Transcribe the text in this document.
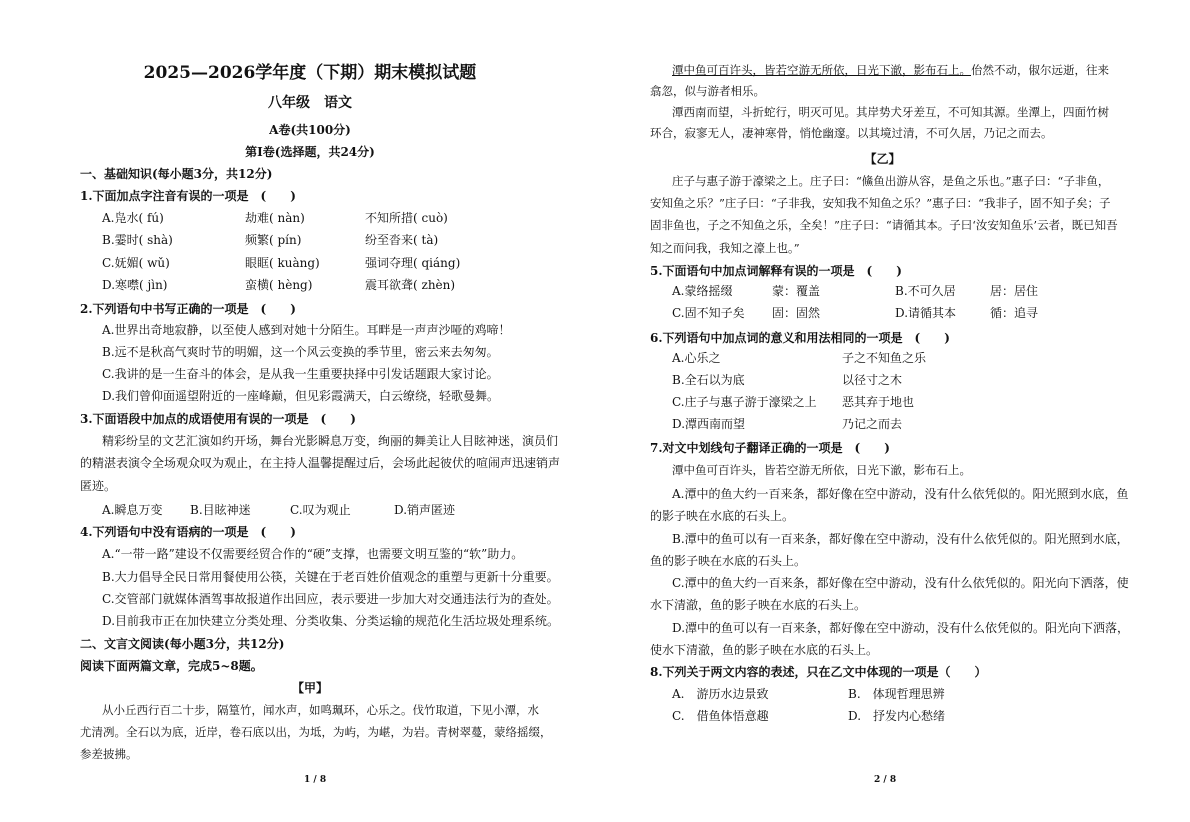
2025—2026学年度（下期）期末模拟试题
八年级　语文
A卷(共100分)
第Ⅰ卷(选择题，共24分)
一、基础知识(每小题3分，共12分)
1.下面加点字注音有误的一项是　(　　)
A.凫水( fú)	劫难( nàn)	不知所措( cuò)
B.霎时( shà)	频繁( pín)	纷至沓来( tà)
C.妩媚( wǔ)	眼眶( kuàng)	强词夺理( qiáng)
D.寒噤( jìn)	蛮横( hèng)	震耳欲聋( zhèn)
2.下列语句中书写正确的一项是　(　　)
A.世界出奇地寂静，以至使人感到对她十分陌生。耳畔是一声声沙哑的鸡啼！
B.远不是秋高气爽时节的明媚，这一个风云变换的季节里，密云来去匆匆。
C.我讲的是一生奋斗的体会，是从我一生重要抉择中引发话题跟大家讨论。
D.我们曾仰面遥望附近的一座峰巅，但见彩霞满天，白云缭绕，轻歌曼舞。
3.下面语段中加点的成语使用有误的一项是　(　　)
精彩纷呈的文艺汇演如约开场，舞台光影瞬息万变，绚丽的舞美让人目眩神迷，演员们
的精湛表演令全场观众叹为观止，在主持人温馨提醒过后，会场此起彼伏的喧闹声迅速销声
匿迹。
A.瞬息万变 B.目眩神迷	C.叹为观止	D.销声匿迹
4.下列语句中没有语病的一项是　(　　)
A.“一带一路”建设不仅需要经贸合作的“硬”支撑，也需要文明互鉴的“软”助力。
B.大力倡导全民日常用餐使用公筷，关键在于老百姓价值观念的重塑与更新十分重要。
C.交管部门就媒体酒驾事故报道作出回应，表示要进一步加大对交通违法行为的查处。
D.目前我市正在加快建立分类处理、分类收集、分类运输的规范化生活垃圾处理系统。
二、文言文阅读(每小题3分，共12分)
阅读下面两篇文章，完成5~8题。
【甲】
从小丘西行百二十步，隔篁竹，闻水声，如鸣珮环，心乐之。伐竹取道，下见小潭，水
尤清冽。全石以为底，近岸，卷石底以出，为坻，为屿，为嵁，为岩。青树翠蔓，蒙络摇缀，
参差披拂。
1 / 8
潭中鱼可百许头，皆若空游无所依，日光下澈，影布石上。佁然不动，俶尔远逝，往来
翕忽，似与游者相乐。
潭西南而望，斗折蛇行，明灭可见。其岸势犬牙差互，不可知其源。坐潭上，四面竹树
环合，寂寥无人，凄神寒骨，悄怆幽邃。以其境过清，不可久居，乃记之而去。
【乙】
庄子与惠子游于濠梁之上。庄子曰：“鯈鱼出游从容，是鱼之乐也。”惠子曰：“子非鱼，
安知鱼之乐？”庄子曰：“子非我，安知我不知鱼之乐？”惠子曰：“我非子，固不知子矣；子
固非鱼也，子之不知鱼之乐，全矣！”庄子曰：“请循其本。子曰‘汝安知鱼乐’云者，既已知吾
知之而问我，我知之濠上也。”
5.下面语句中加点词解释有误的一项是　(　　)
A.蒙络摇缀	蒙：覆盖	B.不可久居	居：居住
C.固不知子矣 固：固然	D.请循其本	循：追寻
6.下列语句中加点词的意义和用法相同的一项是　(　　)
A.心乐之	子之不知鱼之乐
B.全石以为底	以径寸之木
C.庄子与惠子游于濠梁之上 恶其弃于地也
D.潭西南而望	乃记之而去
7.对文中划线句子翻译正确的一项是　(　　)
潭中鱼可百许头，皆若空游无所依，日光下澈，影布石上。
A.潭中的鱼大约一百来条，都好像在空中游动，没有什么依凭似的。阳光照到水底，鱼
的影子映在水底的石头上。
B.潭中的鱼可以有一百来条，都好像在空中游动，没有什么依凭似的。阳光照到水底，
鱼的影子映在水底的石头上。
C.潭中的鱼大约一百来条，都好像在空中游动，没有什么依凭似的。阳光向下洒落，使
水下清澈，鱼的影子映在水底的石头上。
D.潭中的鱼可以有一百来条，都好像在空中游动，没有什么依凭似的。阳光向下洒落，
使水下清澈，鱼的影子映在水底的石头上。
8.下列关于两文内容的表述，只在乙文中体现的一项是（　　）
A.　游历水边景致	B.　体现哲理思辨
C.　借鱼体悟意趣	D.　抒发内心愁绪
2 / 8
